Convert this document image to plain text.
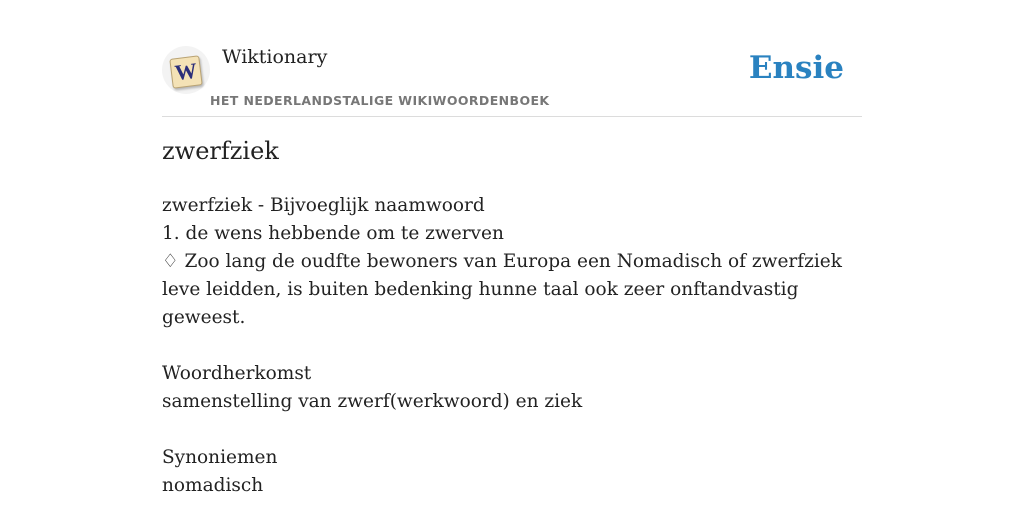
W
Wiktionary
HET NEDERLANDSTALIGE WIKIWOORDENBOEK
Ensie
zwerfziek

zwerfziek - Bijvoeglijk naamwoord

1. de wens hebbende om te zwerven

♢ Zoo lang de oudfte bewoners van Europa een Nomadisch of zwerfziek leve leidden, is buiten bedenking hunne taal ook zeer onftandvastig geweest.

Woordherkomst

samenstelling van zwerf(werkwoord) en ziek

Synoniemen

nomadisch
